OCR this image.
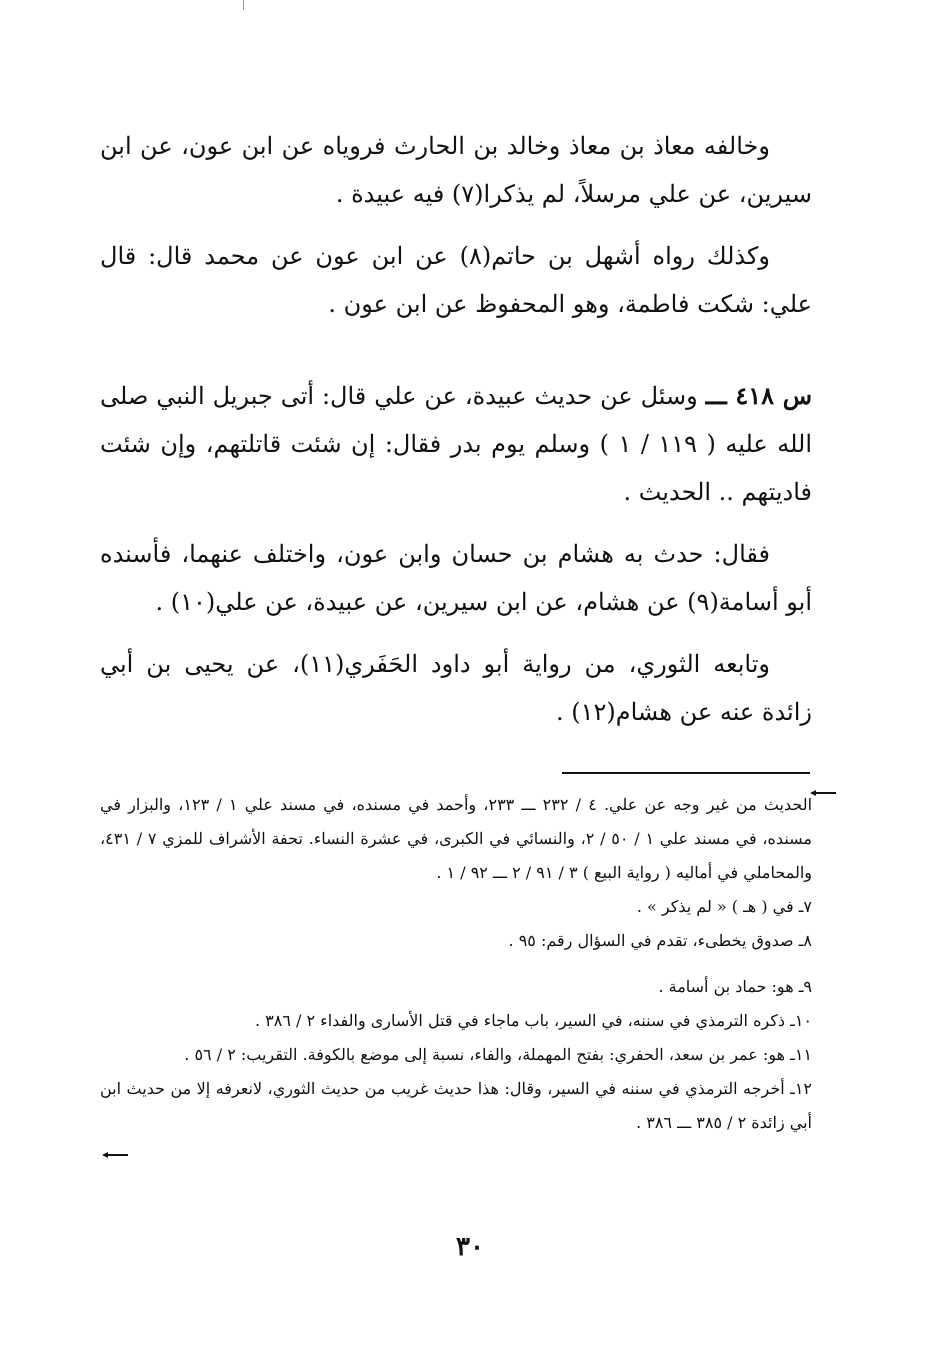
وخالفه معاذ بن معاذ وخالد بن الحارث فروياه عن ابن عون، عن ابن سيرين، عن علي مرسلاً، لم يذكرا(٧) فيه عبيدة .

وكذلك رواه أشهل بن حاتم(٨) عن ابن عون عن محمد قال: قال علي: شكت فاطمة، وهو المحفوظ عن ابن عون .

س ٤١٨ ـــ وسئل عن حديث عبيدة، عن علي قال: أتى جبريل النبي صلى الله عليه ( ١١٩ / ١ ) وسلم يوم بدر فقال: إن شئت قاتلتهم، وإن شئت فاديتهم .. الحديث .

فقال: حدث به هشام بن حسان وابن عون، واختلف عنهما، فأسنده أبو أسامة(٩) عن هشام، عن ابن سيرين، عن عبيدة، عن علي(١٠) .

وتابعه الثوري، من رواية أبو داود الحَفَري(١١)، عن يحيى بن أبي زائدة عنه عن هشام(١٢) .

الحديث من غير وجه عن علي. ٤ / ٢٣٢ ـــ ٢٣٣، وأحمد في مسنده، في مسند علي ١ / ١٢٣، والبزار في مسنده، في مسند علي ١ / ٥٠ / ٢، والنسائي في الكبرى، في عشرة النساء. تحفة الأشراف للمزي ٧ / ٤٣١، والمحاملي في أماليه ( رواية البيع ) ٣ / ٩١ / ٢ ـــ ٩٢ / ١ .

٧ـ في ( هـ ) « لم يذكر » .

٨ـ صدوق يخطىء، تقدم في السؤال رقم: ٩٥ .

٩ـ هو: حماد بن أسامة .

١٠ـ ذكره الترمذي في سننه، في السير، باب ماجاء في قتل الأسارى والفداء ٢ / ٣٨٦ .

١١ـ هو: عمر بن سعد، الحفري: بفتح المهملة، والفاء، نسبة إلى موضع بالكوفة. التقريب: ٢ / ٥٦ .

١٢ـ أخرجه الترمذي في سننه في السير، وقال: هذا حديث غريب من حديث الثوري، لانعرفه إلا من حديث ابن أبي زائدة ٢ / ٣٨٥ ـــ ٣٨٦ .

٣٠
